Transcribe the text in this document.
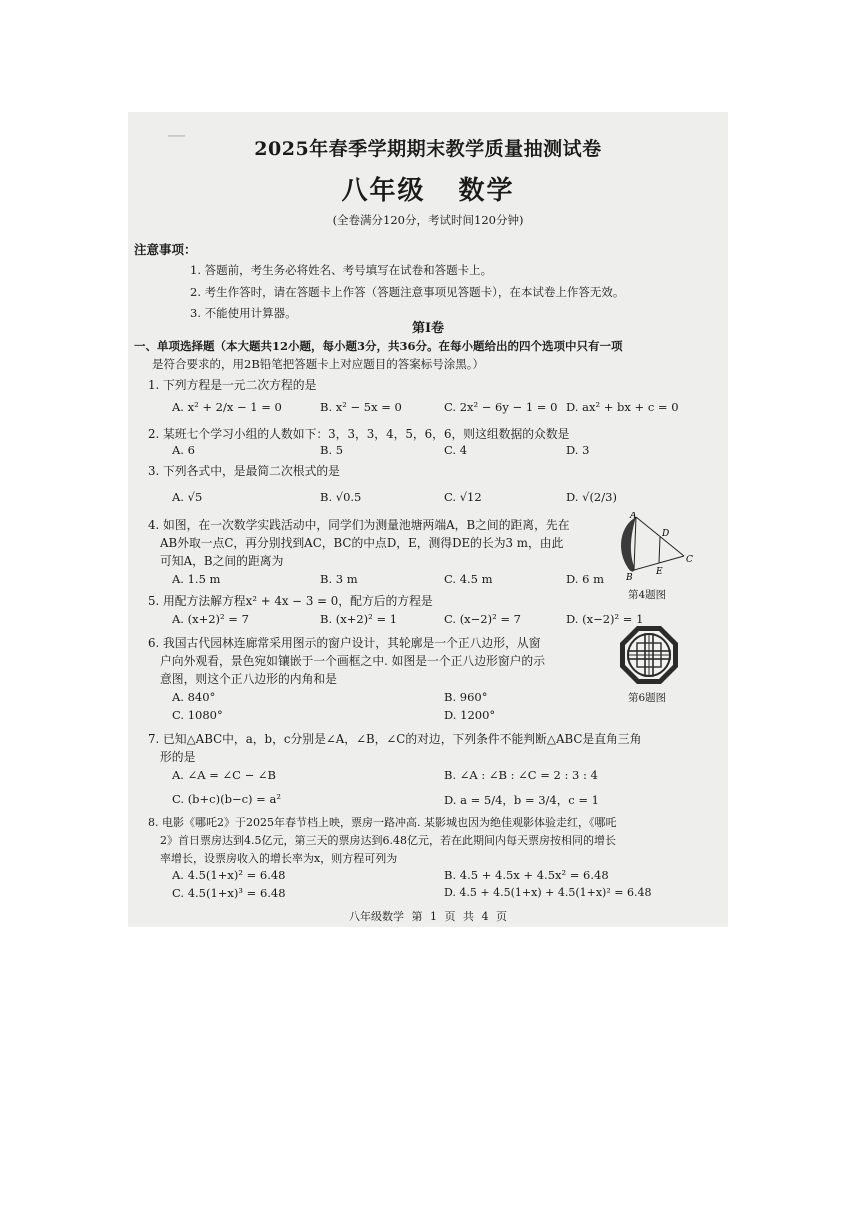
▁▁
2025年春季学期期末教学质量抽测试卷
八年级 数学
(全卷满分120分，考试时间120分钟)
注意事项：
1. 答题前，考生务必将姓名、考号填写在试卷和答题卡上。
2. 考生作答时，请在答题卡上作答（答题注意事项见答题卡），在本试卷上作答无效。
3. 不能使用计算器。
第Ⅰ卷
一、单项选择题（本大题共12小题，每小题3分，共36分。在每小题给出的四个选项中只有一项
是符合要求的，用2B铅笔把答题卡上对应题目的答案标号涂黑。）
1. 下列方程是一元二次方程的是
A. x² + 2/x − 1 = 0	B. x² − 5x = 0	C. 2x² − 6y − 1 = 0 D. ax² + bx + c = 0
2. 某班七个学习小组的人数如下：3，3，3，4，5，6，6，则这组数据的众数是
A. 6	B. 5	C. 4	D. 3
3. 下列各式中，是最简二次根式的是
A. √5	B. √0.5	C. √12	D. √(2/3)
4. 如图，在一次数学实践活动中，同学们为测量池塘两端A，B之间的距离，先在
AB外取一点C，再分别找到AC，BC的中点D，E，测得DE的长为3 m，由此
可知A，B之间的距离为
A. 1.5 m	B. 3 m	C. 4.5 m	D. 6 m
A
B
C
D
E
第4题图
5. 用配方法解方程x² + 4x − 3 = 0，配方后的方程是
A. (x+2)² = 7	B. (x+2)² = 1	C. (x−2)² = 7	D. (x−2)² = 1
6. 我国古代园林连廊常采用图示的窗户设计，其轮廓是一个正八边形，从窗
户向外观看，景色宛如镶嵌于一个画框之中. 如图是一个正八边形窗户的示
意图，则这个正八边形的内角和是
A. 840°	B. 960°
C. 1080°	D. 1200°
第6题图
7. 已知△ABC中，a，b，c分别是∠A，∠B，∠C的对边，下列条件不能判断△ABC是直角三角
形的是
A. ∠A = ∠C − ∠B	B. ∠A : ∠B : ∠C = 2 : 3 : 4
C. (b+c)(b−c) = a²	D. a = 5/4，b = 3/4，c = 1
8. 电影《哪吒2》于2025年春节档上映，票房一路冲高. 某影城也因为绝佳观影体验走红，《哪吒
2》首日票房达到4.5亿元，第三天的票房达到6.48亿元，若在此期间内每天票房按相同的增长
率增长，设票房收入的增长率为x，则方程可列为
A. 4.5(1+x)² = 6.48	B. 4.5 + 4.5x + 4.5x² = 6.48
C. 4.5(1+x)³ = 6.48	D. 4.5 + 4.5(1+x) + 4.5(1+x)² = 6.48
八年级数学 第 1 页 共 4 页
